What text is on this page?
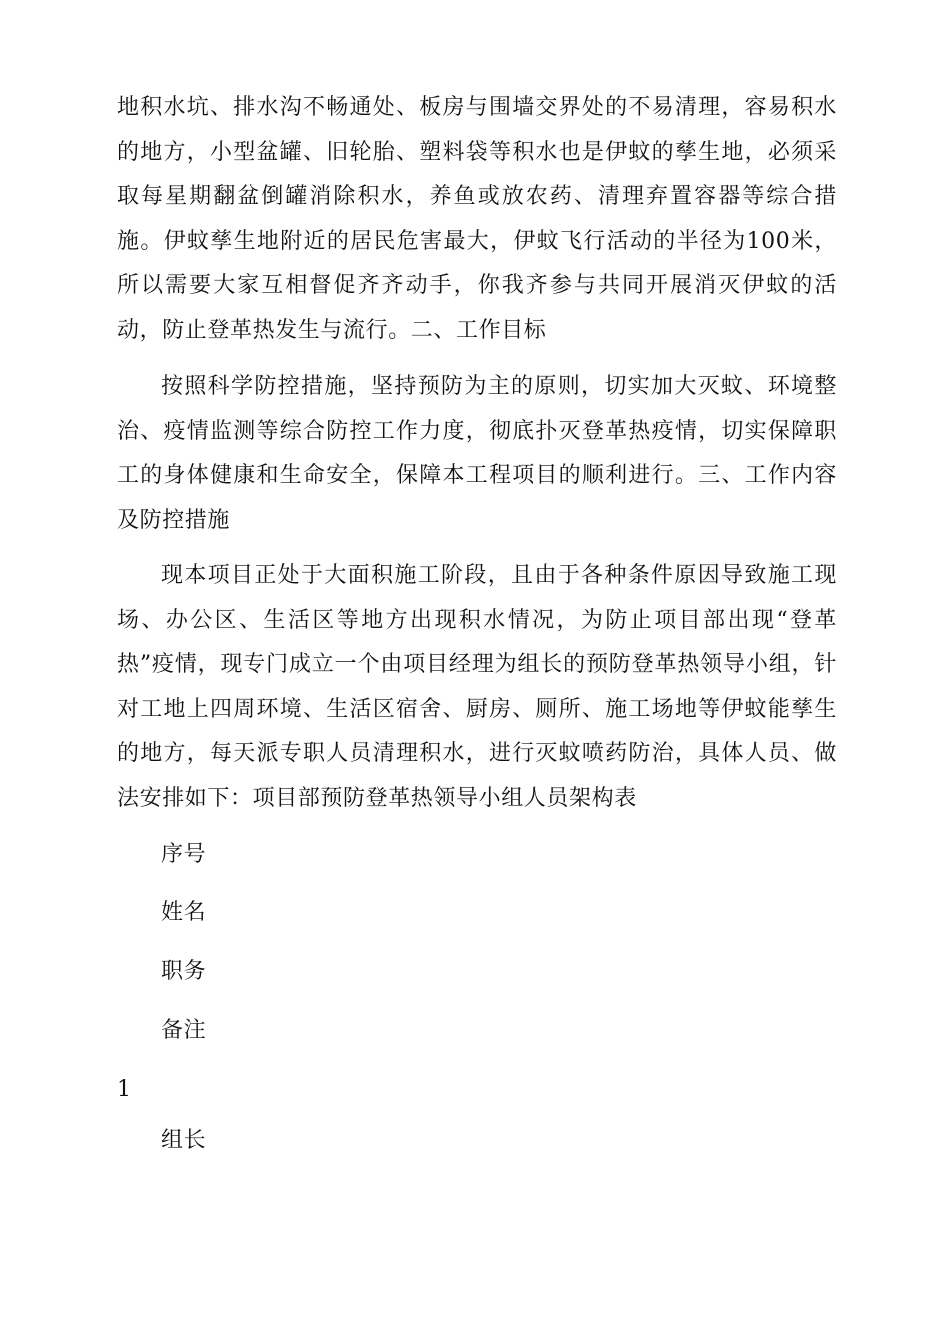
地积水坑、排水沟不畅通处、板房与围墙交界处的不易清理，容易积水的地方，小型盆罐、旧轮胎、塑料袋等积水也是伊蚊的孳生地，必须采取每星期翻盆倒罐消除积水，养鱼或放农药、清理弃置容器等综合措施。伊蚊孳生地附近的居民危害最大，伊蚊飞行活动的半径为100米，所以需要大家互相督促齐齐动手，你我齐参与共同开展消灭伊蚊的活动，防止登革热发生与流行。二、工作目标

按照科学防控措施，坚持预防为主的原则，切实加大灭蚊、环境整治、疫情监测等综合防控工作力度，彻底扑灭登革热疫情，切实保障职工的身体健康和生命安全，保障本工程项目的顺利进行。三、工作内容及防控措施

现本项目正处于大面积施工阶段，且由于各种条件原因导致施工现场、办公区、生活区等地方出现积水情况，为防止项目部出现“登革热”疫情，现专门成立一个由项目经理为组长的预防登革热领导小组，针对工地上四周环境、生活区宿舍、厨房、厕所、施工场地等伊蚊能孳生的地方，每天派专职人员清理积水，进行灭蚊喷药防治，具体人员、做法安排如下：项目部预防登革热领导小组人员架构表

序号

姓名

职务

备注

1

组长
